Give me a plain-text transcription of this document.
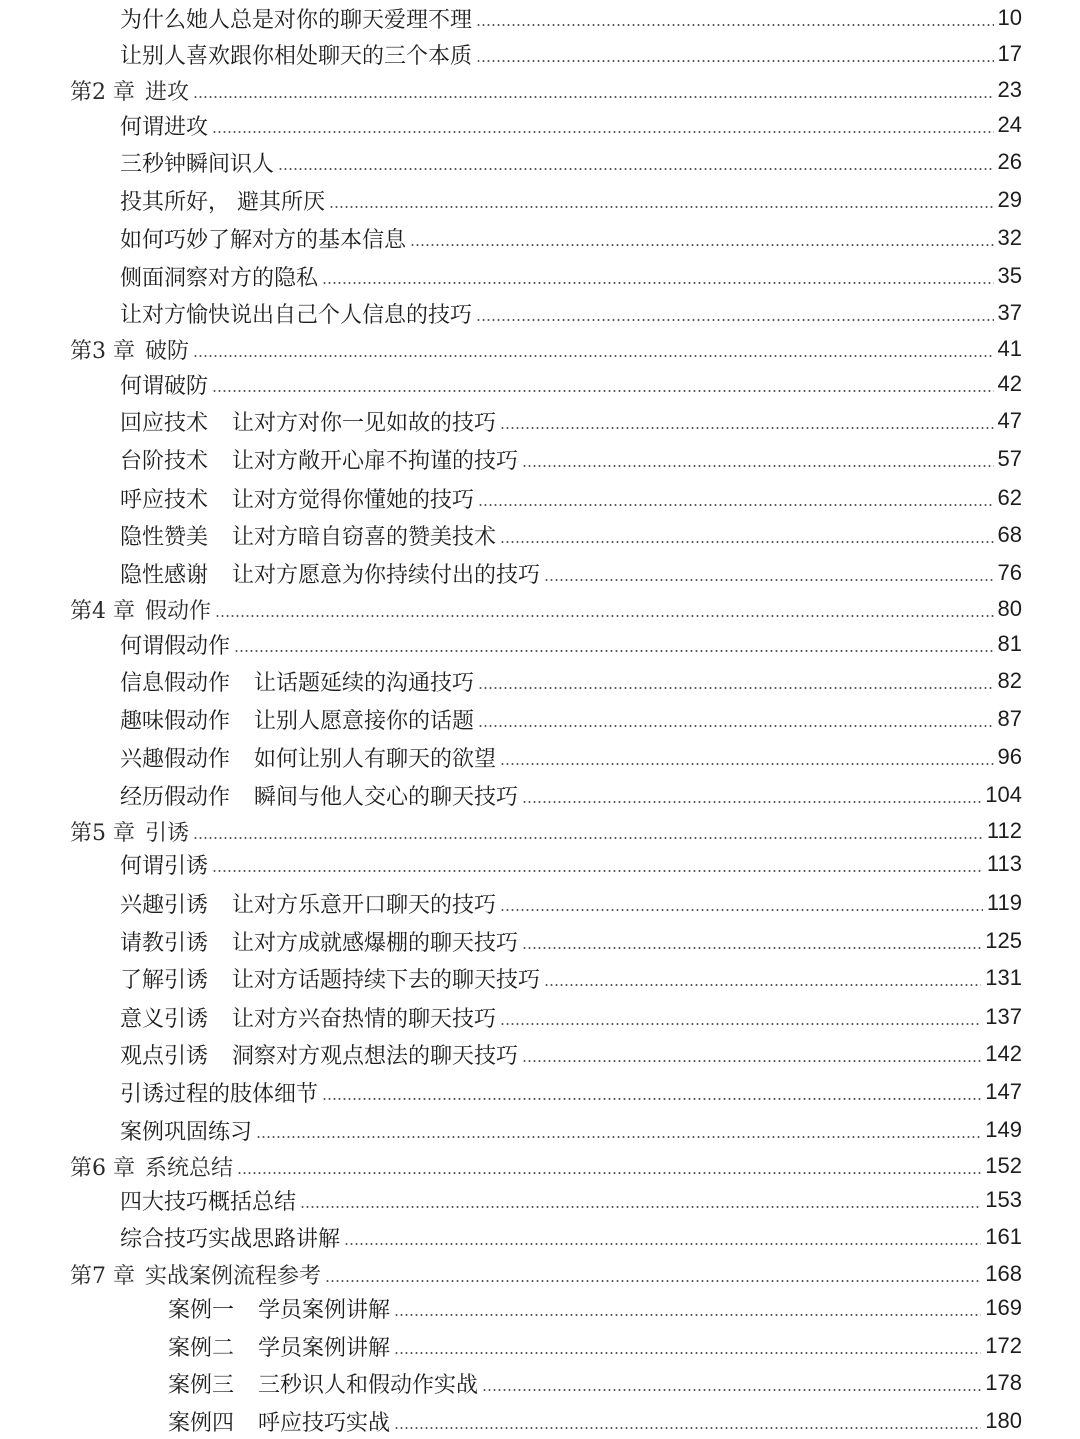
为什么她人总是对你的聊天爱理不理	10
让别人喜欢跟你相处聊天的三个本质	17
第2 章 进攻	23
何谓进攻	24
三秒钟瞬间识人	26
投其所好， 避其所厌	29
如何巧妙了解对方的基本信息	32
侧面洞察对方的隐私	35
让对方愉快说出自己个人信息的技巧	37
第3 章 破防	41
何谓破防	42
回应技术 让对方对你一见如故的技巧	47
台阶技术 让对方敞开心扉不拘谨的技巧	57
呼应技术 让对方觉得你懂她的技巧	62
隐性赞美 让对方暗自窃喜的赞美技术	68
隐性感谢 让对方愿意为你持续付出的技巧	76
第4 章 假动作	80
何谓假动作	81
信息假动作 让话题延续的沟通技巧	82
趣味假动作 让别人愿意接你的话题	87
兴趣假动作 如何让别人有聊天的欲望	96
经历假动作 瞬间与他人交心的聊天技巧	104
第5 章 引诱	112
何谓引诱	113
兴趣引诱 让对方乐意开口聊天的技巧	119
请教引诱 让对方成就感爆棚的聊天技巧	125
了解引诱 让对方话题持续下去的聊天技巧	131
意义引诱 让对方兴奋热情的聊天技巧	137
观点引诱 洞察对方观点想法的聊天技巧	142
引诱过程的肢体细节	147
案例巩固练习	149
第6 章 系统总结	152
四大技巧概括总结	153
综合技巧实战思路讲解	161
第7 章 实战案例流程参考	168
案例一 学员案例讲解	169
案例二 学员案例讲解	172
案例三 三秒识人和假动作实战	178
案例四 呼应技巧实战	180
